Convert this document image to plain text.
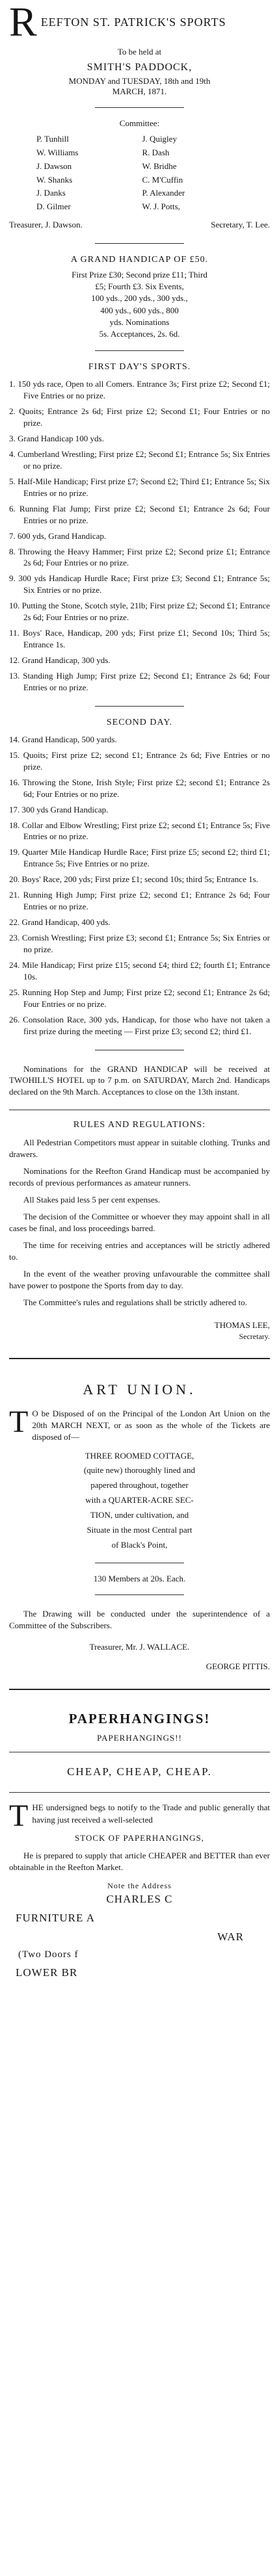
R EEFTON ST. PATRICK'S SPORTS
To be held at
SMITH'S PADDOCK,
MONDAY and TUESDAY, 18th and 19th
MARCH, 1871.
Committee:
P. Tunhill	J. Quigley
W. Williams	R. Dash
J. Dawson	W. Bridhe
W. Shanks	C. M'Cuffin
J. Danks	P. Alexander
D. Gilmer	W. J. Potts,
Treasurer, J. Dawson.	Secretary, T. Lee.
A GRAND HANDICAP OF £50.
First Prize £30; Second prize £11; Third
£5; Fourth £3. Six Events,
100 yds., 200 yds., 300 yds.,
400 yds., 600 yds., 800
yds. Nominations
5s. Acceptances, 2s. 6d.
FIRST DAY'S SPORTS.
1. 150 yds race, Open to all Comers. Entrance 3s; First prize £2; Second £1; Five Entries or no prize.
2. Quoits; Entrance 2s 6d; First prize £2; Second £1; Four Entries or no prize.
3. Grand Handicap 100 yds.
4. Cumberland Wrestling; First prize £2; Second £1; Entrance 5s; Six Entries or no prize.
5. Half-Mile Handicap; First prize £7; Second £2; Third £1; Entrance 5s; Six Entries or no prize.
6. Running Flat Jump; First prize £2; Second £1; Entrance 2s 6d; Four Entries or no prize.
7. 600 yds, Grand Handicap.
8. Throwing the Heavy Hammer; First prize £2; Second prize £1; Entrance 2s 6d; Four Entries or no prize.
9. 300 yds Handicap Hurdle Race; First prize £3; Second £1; Entrance 5s; Six Entries or no prize.
10. Putting the Stone, Scotch style, 21lb; First prize £2; Second £1; Entrance 2s 6d; Four Entries or no prize.
11. Boys' Race, Handicap, 200 yds; First prize £1; Second 10s; Third 5s; Entrance 1s.
12. Grand Handicap, 300 yds.
13. Standing High Jump; First prize £2; Second £1; Entrance 2s 6d; Four Entries or no prize.
SECOND DAY.
14. Grand Handicap, 500 yards.
15. Quoits; First prize £2; second £1; Entrance 2s 6d; Five Entries or no prize.
16. Throwing the Stone, Irish Style; First prize £2; second £1; Entrance 2s 6d; Four Entries or no prize.
17. 300 yds Grand Handicap.
18. Collar and Elbow Wrestling; First prize £2; second £1; Entrance 5s; Five Entries or no prize.
19. Quarter Mile Handicap Hurdle Race; First prize £5; second £2; third £1; Entrance 5s; Five Entries or no prize.
20. Boys' Race, 200 yds; First prize £1; second 10s; third 5s; Entrance 1s.
21. Running High Jump; First prize £2; second £1; Entrance 2s 6d; Four Entries or no prize.
22. Grand Handicap, 400 yds.
23. Cornish Wrestling; First prize £3; second £1; Entrance 5s; Six Entries or no prize.
24. Mile Handicap; First prize £15; second £4; third £2; fourth £1; Entrance 10s.
25. Running Hop Step and Jump; First prize £2; second £1; Entrance 2s 6d; Four Entries or no prize.
26. Consolation Race, 300 yds, Handicap, for those who have not taken a first prize during the meeting — First prize £3; second £2; third £1.

Nominations for the GRAND HANDICAP will be received at TWOHILL'S HOTEL up to 7 p.m. on SATURDAY, March 2nd. Handicaps declared on the 9th March. Acceptances to close on the 13th instant.

RULES AND REGULATIONS:
All Pedestrian Competitors must appear in suitable clothing. Trunks and drawers.
Nominations for the Reefton Grand Handicap must be accompanied by records of previous performances as amateur runners.
All Stakes paid less 5 per cent expenses.
The decision of the Committee or whoever they may appoint shall in all cases be final, and loss proceedings barred.
The time for receiving entries and acceptances will be strictly adhered to.
In the event of the weather proving unfavourable the committee shall have power to postpone the Sports from day to day.
The Committee's rules and regulations shall be strictly adhered to.
THOMAS LEE,
Secretary.
ART UNION.
T O be Disposed of on the Principal of the London Art Union on the 20th MARCH NEXT, or as soon as the whole of the Tickets are disposed of—
THREE ROOMED COTTAGE,
(quite new) thoroughly lined and
papered throughout, together
with a QUARTER-ACRE SEC-
TION, under cultivation, and
Situate in the most Central part
of Black's Point,
130 Members at 20s. Each.

The Drawing will be conducted under the superintendence of a Committee of the Subscribers.

Treasurer, Mr. J. WALLACE.
GEORGE PITTIS.
PAPERHANGINGS!
PAPERHANGINGS!!
CHEAP, CHEAP, CHEAP.
THE undersigned begs to notify to the Trade and public generally that having just received a well-selected
STOCK OF PAPERHANGINGS,

He is prepared to supply that article CHEAPER and BETTER than ever obtainable in the Reefton Market.

Note the Address
CHARLES C
FURNITURE A
WAR
(Two Doors f
LOWER BR
